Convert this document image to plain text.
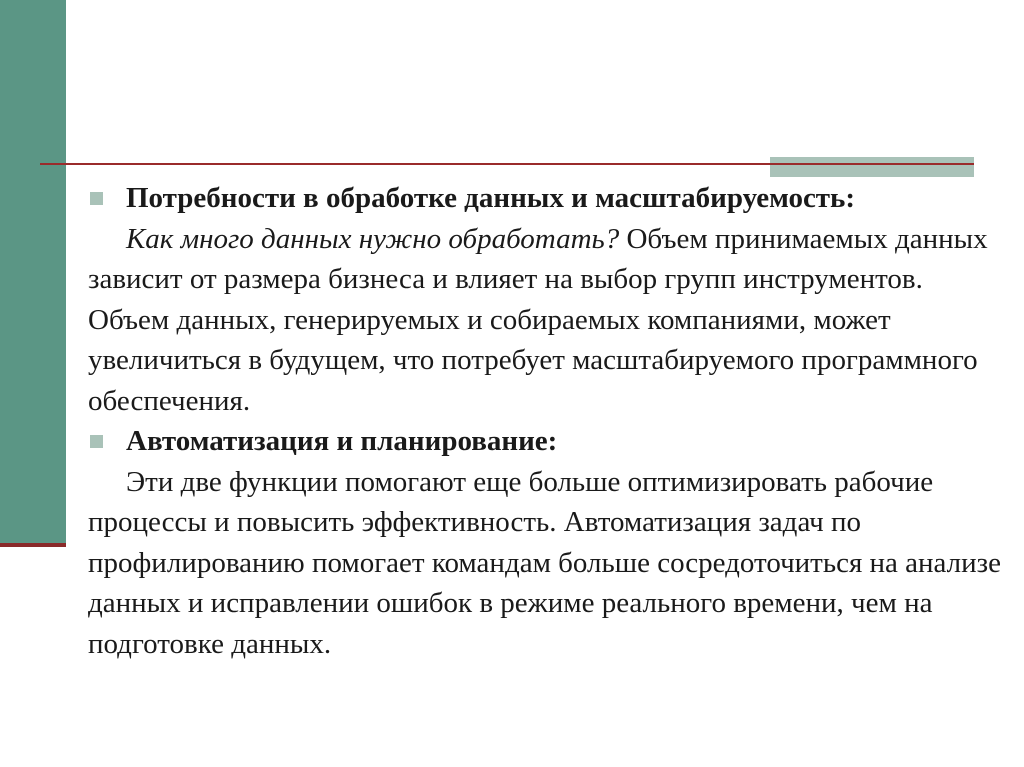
Потребности в обработке данных и масштабируемость:
Как много данных нужно обработать? Объем принимаемых данных зависит от размера бизнеса и влияет на выбор групп инструментов. Объем данных, генерируемых и собираемых компаниями, может увеличиться в будущем, что потребует масштабируемого программного обеспечения.

Автоматизация и планирование:
Эти две функции помогают еще больше оптимизировать рабочие процессы и повысить эффективность. Автоматизация задач по профилированию помогает командам больше сосредоточиться на анализе данных и исправлении ошибок в режиме реального времени, чем на подготовке данных.
